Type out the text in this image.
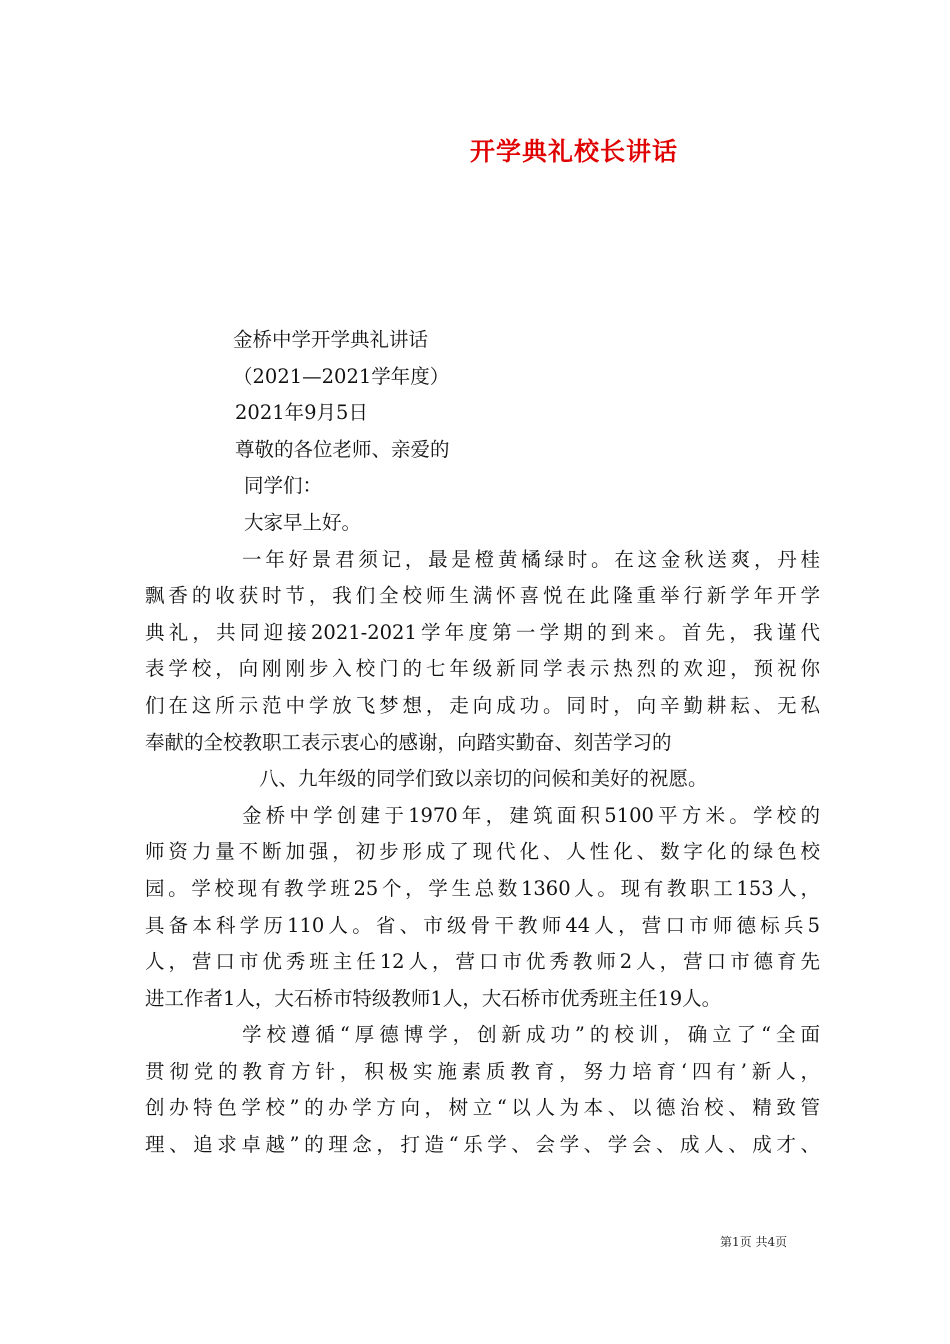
开学典礼校长讲话
金桥中学开学典礼讲话
（2021—2021学年度）
2021年9月5日
尊敬的各位老师、亲爱的
同学们：
大家早上好。
一年好景君须记，最是橙黄橘绿时。在这金秋送爽，丹桂
飘香的收获时节，我们全校师生满怀喜悦在此隆重举行新学年开学
典礼，共同迎接2021-2021学年度第一学期的到来。首先，我谨代
表学校，向刚刚步入校门的七年级新同学表示热烈的欢迎，预祝你
们在这所示范中学放飞梦想，走向成功。同时，向辛勤耕耘、无私
奉献的全校教职工表示衷心的感谢，向踏实勤奋、刻苦学习的
八、九年级的同学们致以亲切的问候和美好的祝愿。
金桥中学创建于1970年，建筑面积5100平方米。学校的
师资力量不断加强，初步形成了现代化、人性化、数字化的绿色校
园。学校现有教学班25个，学生总数1360人。现有教职工153人，
具备本科学历110人。省、市级骨干教师44人，营口市师德标兵5
人，营口市优秀班主任12人，营口市优秀教师2人，营口市德育先
进工作者1人，大石桥市特级教师1人，大石桥市优秀班主任19人。
学校遵循“厚德博学，创新成功”的校训，确立了“全面
贯彻党的教育方针，积极实施素质教育，努力培育‘四有’新人，
创办特色学校”的办学方向，树立“以人为本、以德治校、精致管
理、追求卓越”的理念，打造“乐学、会学、学会、成人、成才、
第1页 共4页
